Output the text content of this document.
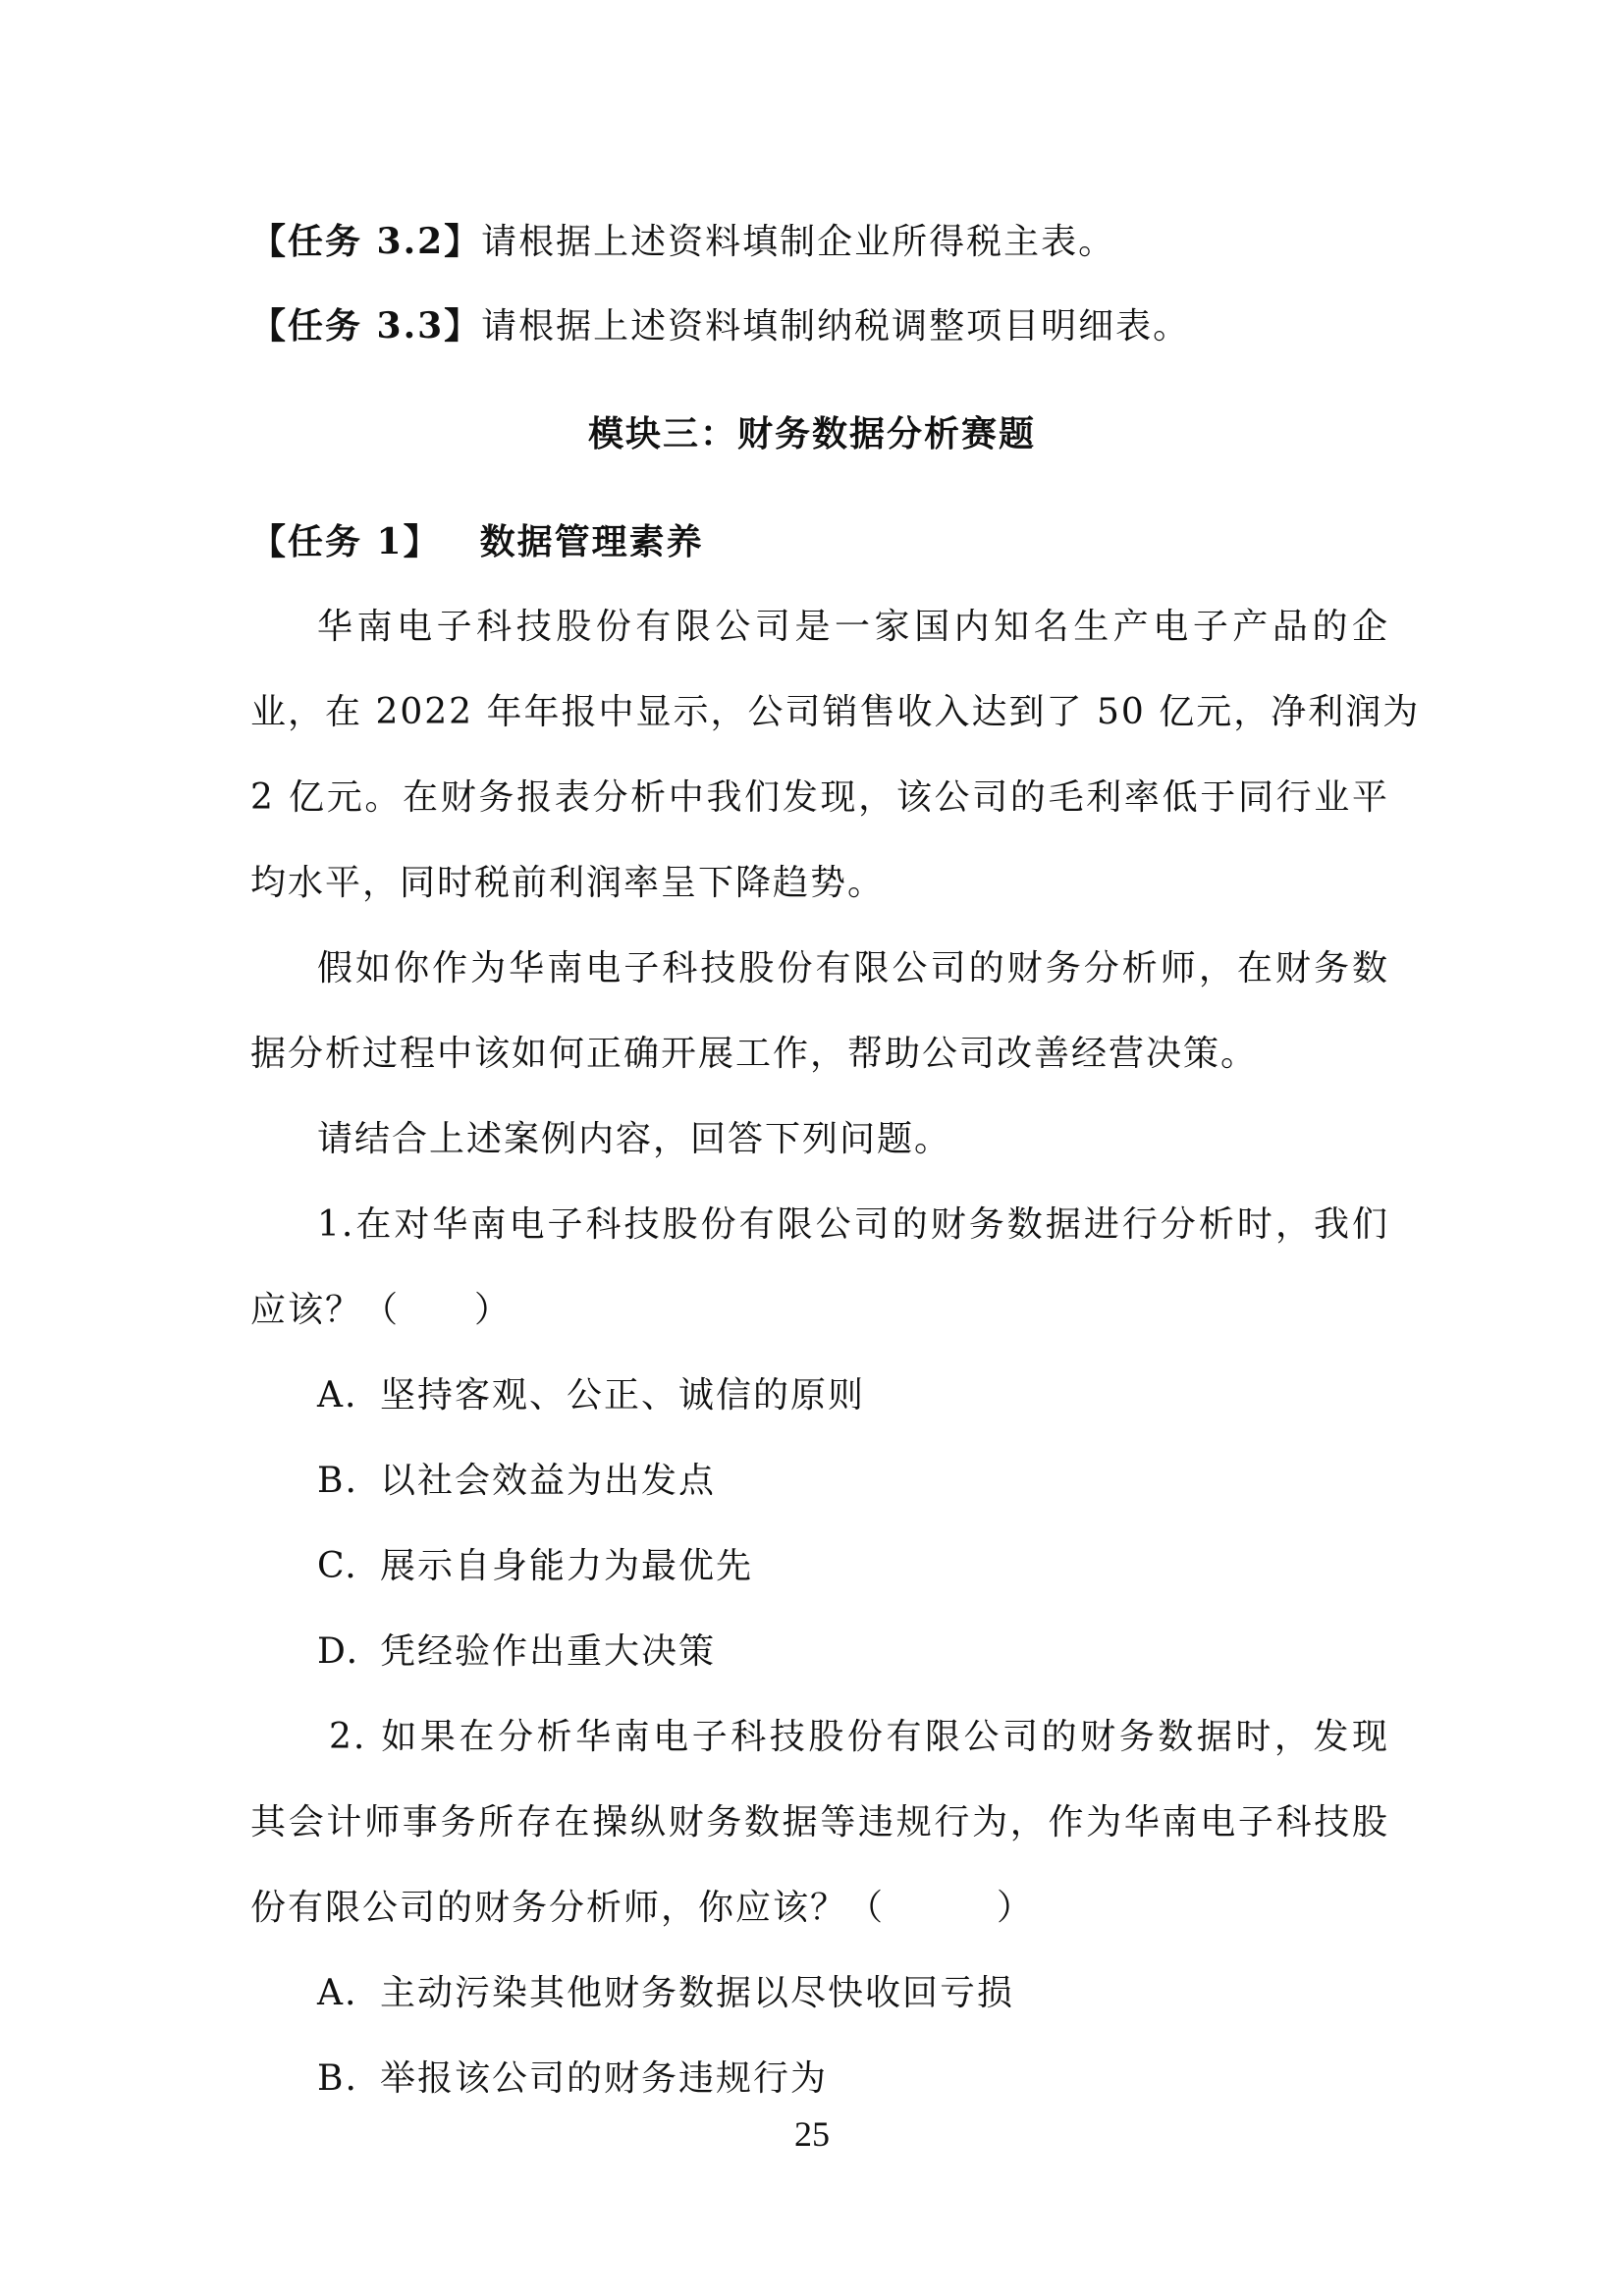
【任务 3.2】请根据上述资料填制企业所得税主表。
【任务 3.3】请根据上述资料填制纳税调整项目明细表。
模块三：财务数据分析赛题
【任务 1】 数据管理素养
华南电子科技股份有限公司是一家国内知名生产电子产品的企
业，在 2022 年年报中显示，公司销售收入达到了 50 亿元，净利润为
2 亿元。在财务报表分析中我们发现，该公司的毛利率低于同行业平
均水平，同时税前利润率呈下降趋势。
假如你作为华南电子科技股份有限公司的财务分析师，在财务数
据分析过程中该如何正确开展工作，帮助公司改善经营决策。
请结合上述案例内容，回答下列问题。
1.在对华南电子科技股份有限公司的财务数据进行分析时，我们
应该？（　　）
A. 坚持客观、公正、诚信的原则
B. 以社会效益为出发点
C. 展示自身能力为最优先
D. 凭经验作出重大决策
2. 如果在分析华南电子科技股份有限公司的财务数据时，发现
其会计师事务所存在操纵财务数据等违规行为，作为华南电子科技股
份有限公司的财务分析师，你应该？（　　　）
A. 主动污染其他财务数据以尽快收回亏损
B. 举报该公司的财务违规行为
25
